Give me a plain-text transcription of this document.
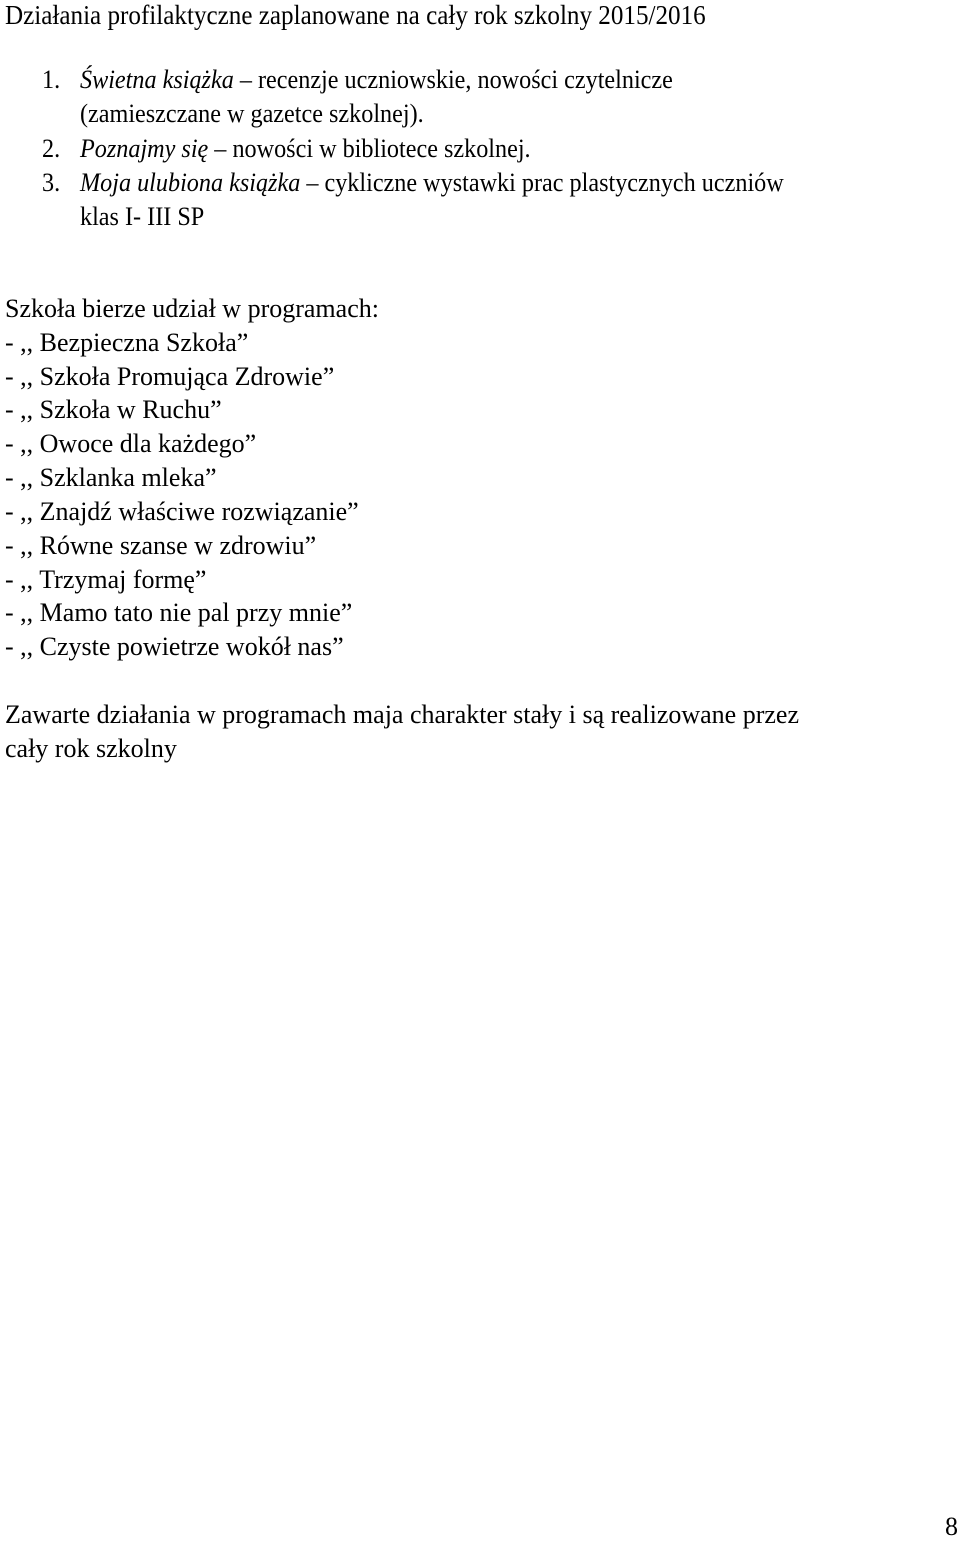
Działania profilaktyczne zaplanowane na cały rok szkolny 2015/2016
1. Świetna książka – recenzje uczniowskie, nowości czytelnicze
(zamieszczane w gazetce szkolnej).
2. Poznajmy się – nowości w bibliotece szkolnej.
3. Moja ulubiona książka – cykliczne wystawki prac plastycznych uczniów
klas I- III SP
Szkoła bierze udział w programach:
- ,, Bezpieczna Szkoła”
- ,, Szkoła Promująca Zdrowie”
- ,, Szkoła w Ruchu”
- ,, Owoce dla każdego”
- ,, Szklanka mleka”
- ,, Znajdź właściwe rozwiązanie”
- ,, Równe szanse w zdrowiu”
- ,, Trzymaj formę”
- ,, Mamo tato nie pal przy mnie”
- ,, Czyste powietrze wokół nas”
Zawarte działania w programach maja charakter stały i są realizowane przez
cały rok szkolny
8
